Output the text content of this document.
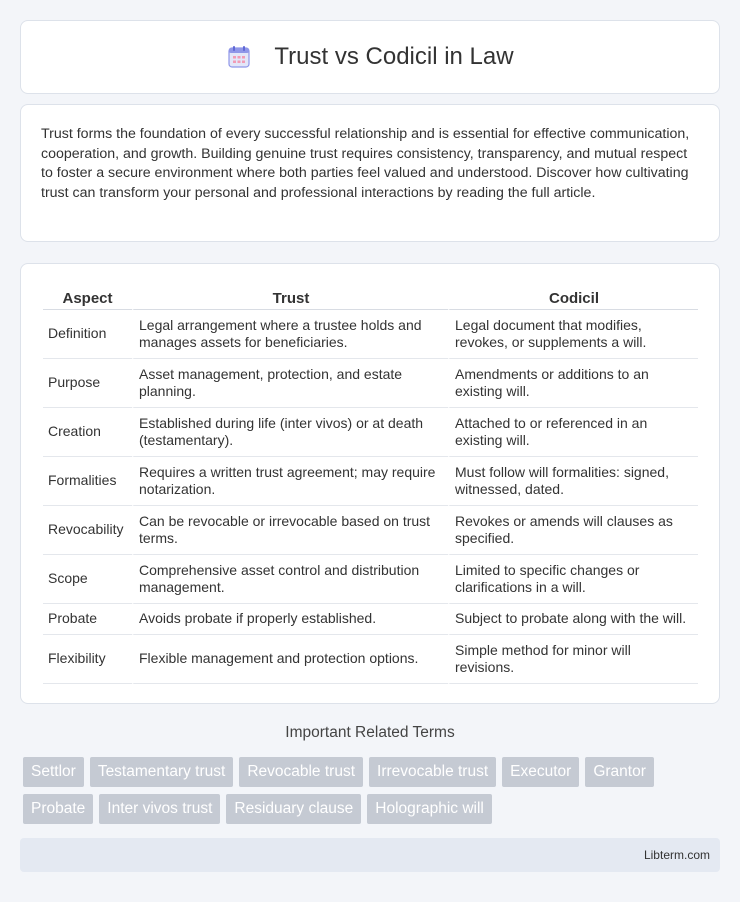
Trust vs Codicil in Law

Trust forms the foundation of every successful relationship and is essential for effective communication, cooperation, and growth. Building genuine trust requires consistency, transparency, and mutual respect to foster a secure environment where both parties feel valued and understood. Discover how cultivating trust can transform your personal and professional interactions by reading the full article.

Aspect	Trust	Codicil
Definition	Legal arrangement where a trustee holds and manages assets for beneficiaries.	Legal document that modifies, revokes, or supplements a will.
Purpose	Asset management, protection, and estate planning.	Amendments or additions to an existing will.
Creation	Established during life (inter vivos) or at death (testamentary).	Attached to or referenced in an existing will.
Formalities	Requires a written trust agreement; may require notarization.	Must follow will formalities: signed, witnessed, dated.
Revocability	Can be revocable or irrevocable based on trust terms.	Revokes or amends will clauses as specified.
Scope	Comprehensive asset control and distribution management.	Limited to specific changes or clarifications in a will.
Probate	Avoids probate if properly established.	Subject to probate along with the will.
Flexibility	Flexible management and protection options.	Simple method for minor will revisions.
Important Related Terms
Settlor	Testamentary trust	Revocable trust	Irrevocable trust	Executor	Grantor
Probate	Inter vivos trust	Residuary clause	Holographic will
Libterm.com
